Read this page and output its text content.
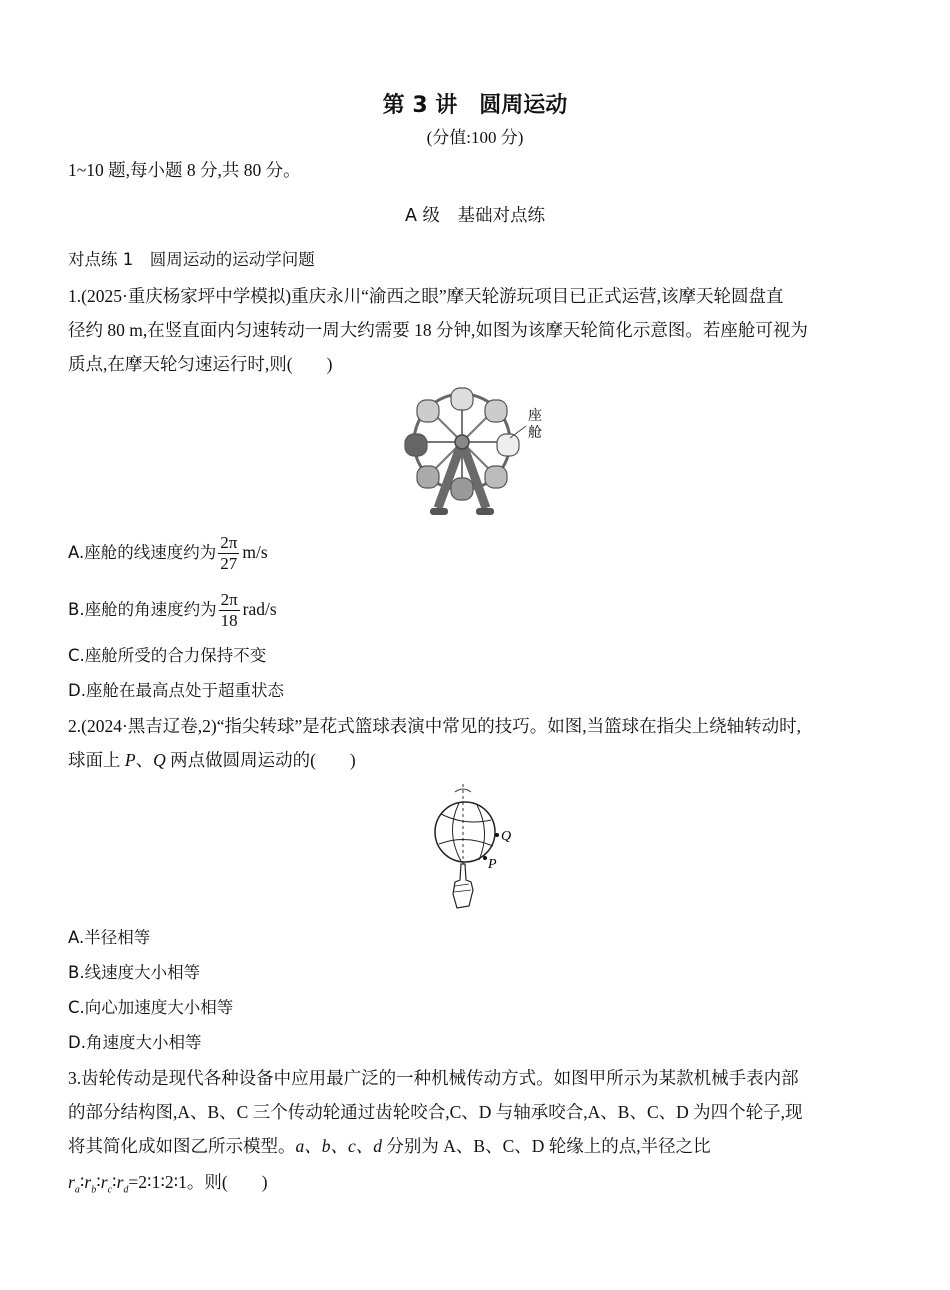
第 3 讲　圆周运动
(分值:100 分)
1~10 题,每小题 8 分,共 80 分。
A 级　基础对点练
对点练 1　圆周运动的运动学问题
1.(2025·重庆杨家坪中学模拟)重庆永川“渝西之眼”摩天轮游玩项目已正式运营,该摩天轮圆盘直
径约 80 m,在竖直面内匀速转动一周大约需要 18 分钟,如图为该摩天轮简化示意图。若座舱可视为
质点,在摩天轮匀速运行时,则( )
座
舱
A.座舱的线速度约为 $\frac{2\pi}{27} m/s$
B.座舱的角速度约为 $\frac{2\pi}{18} rad/s$
C.座舱所受的合力保持不变
D.座舱在最高点处于超重状态
2.(2024·黑吉辽卷,2)“指尖转球”是花式篮球表演中常见的技巧。如图,当篮球在指尖上绕轴转动时,
球面上 P、Q 两点做圆周运动的( )
Q
P
A.半径相等
B.线速度大小相等
C.向心加速度大小相等
D.角速度大小相等
3.齿轮传动是现代各种设备中应用最广泛的一种机械传动方式。如图甲所示为某款机械手表内部
的部分结构图,A、B、C 三个传动轮通过齿轮咬合,C、D 与轴承咬合,A、B、C、D 为四个轮子,现
将其简化成如图乙所示模型。a、b、c、d 分别为 A、B、C、D 轮缘上的点,半径之比
$r_a∶r_b∶r_c∶r_d=2∶1∶2∶1$。则( )
